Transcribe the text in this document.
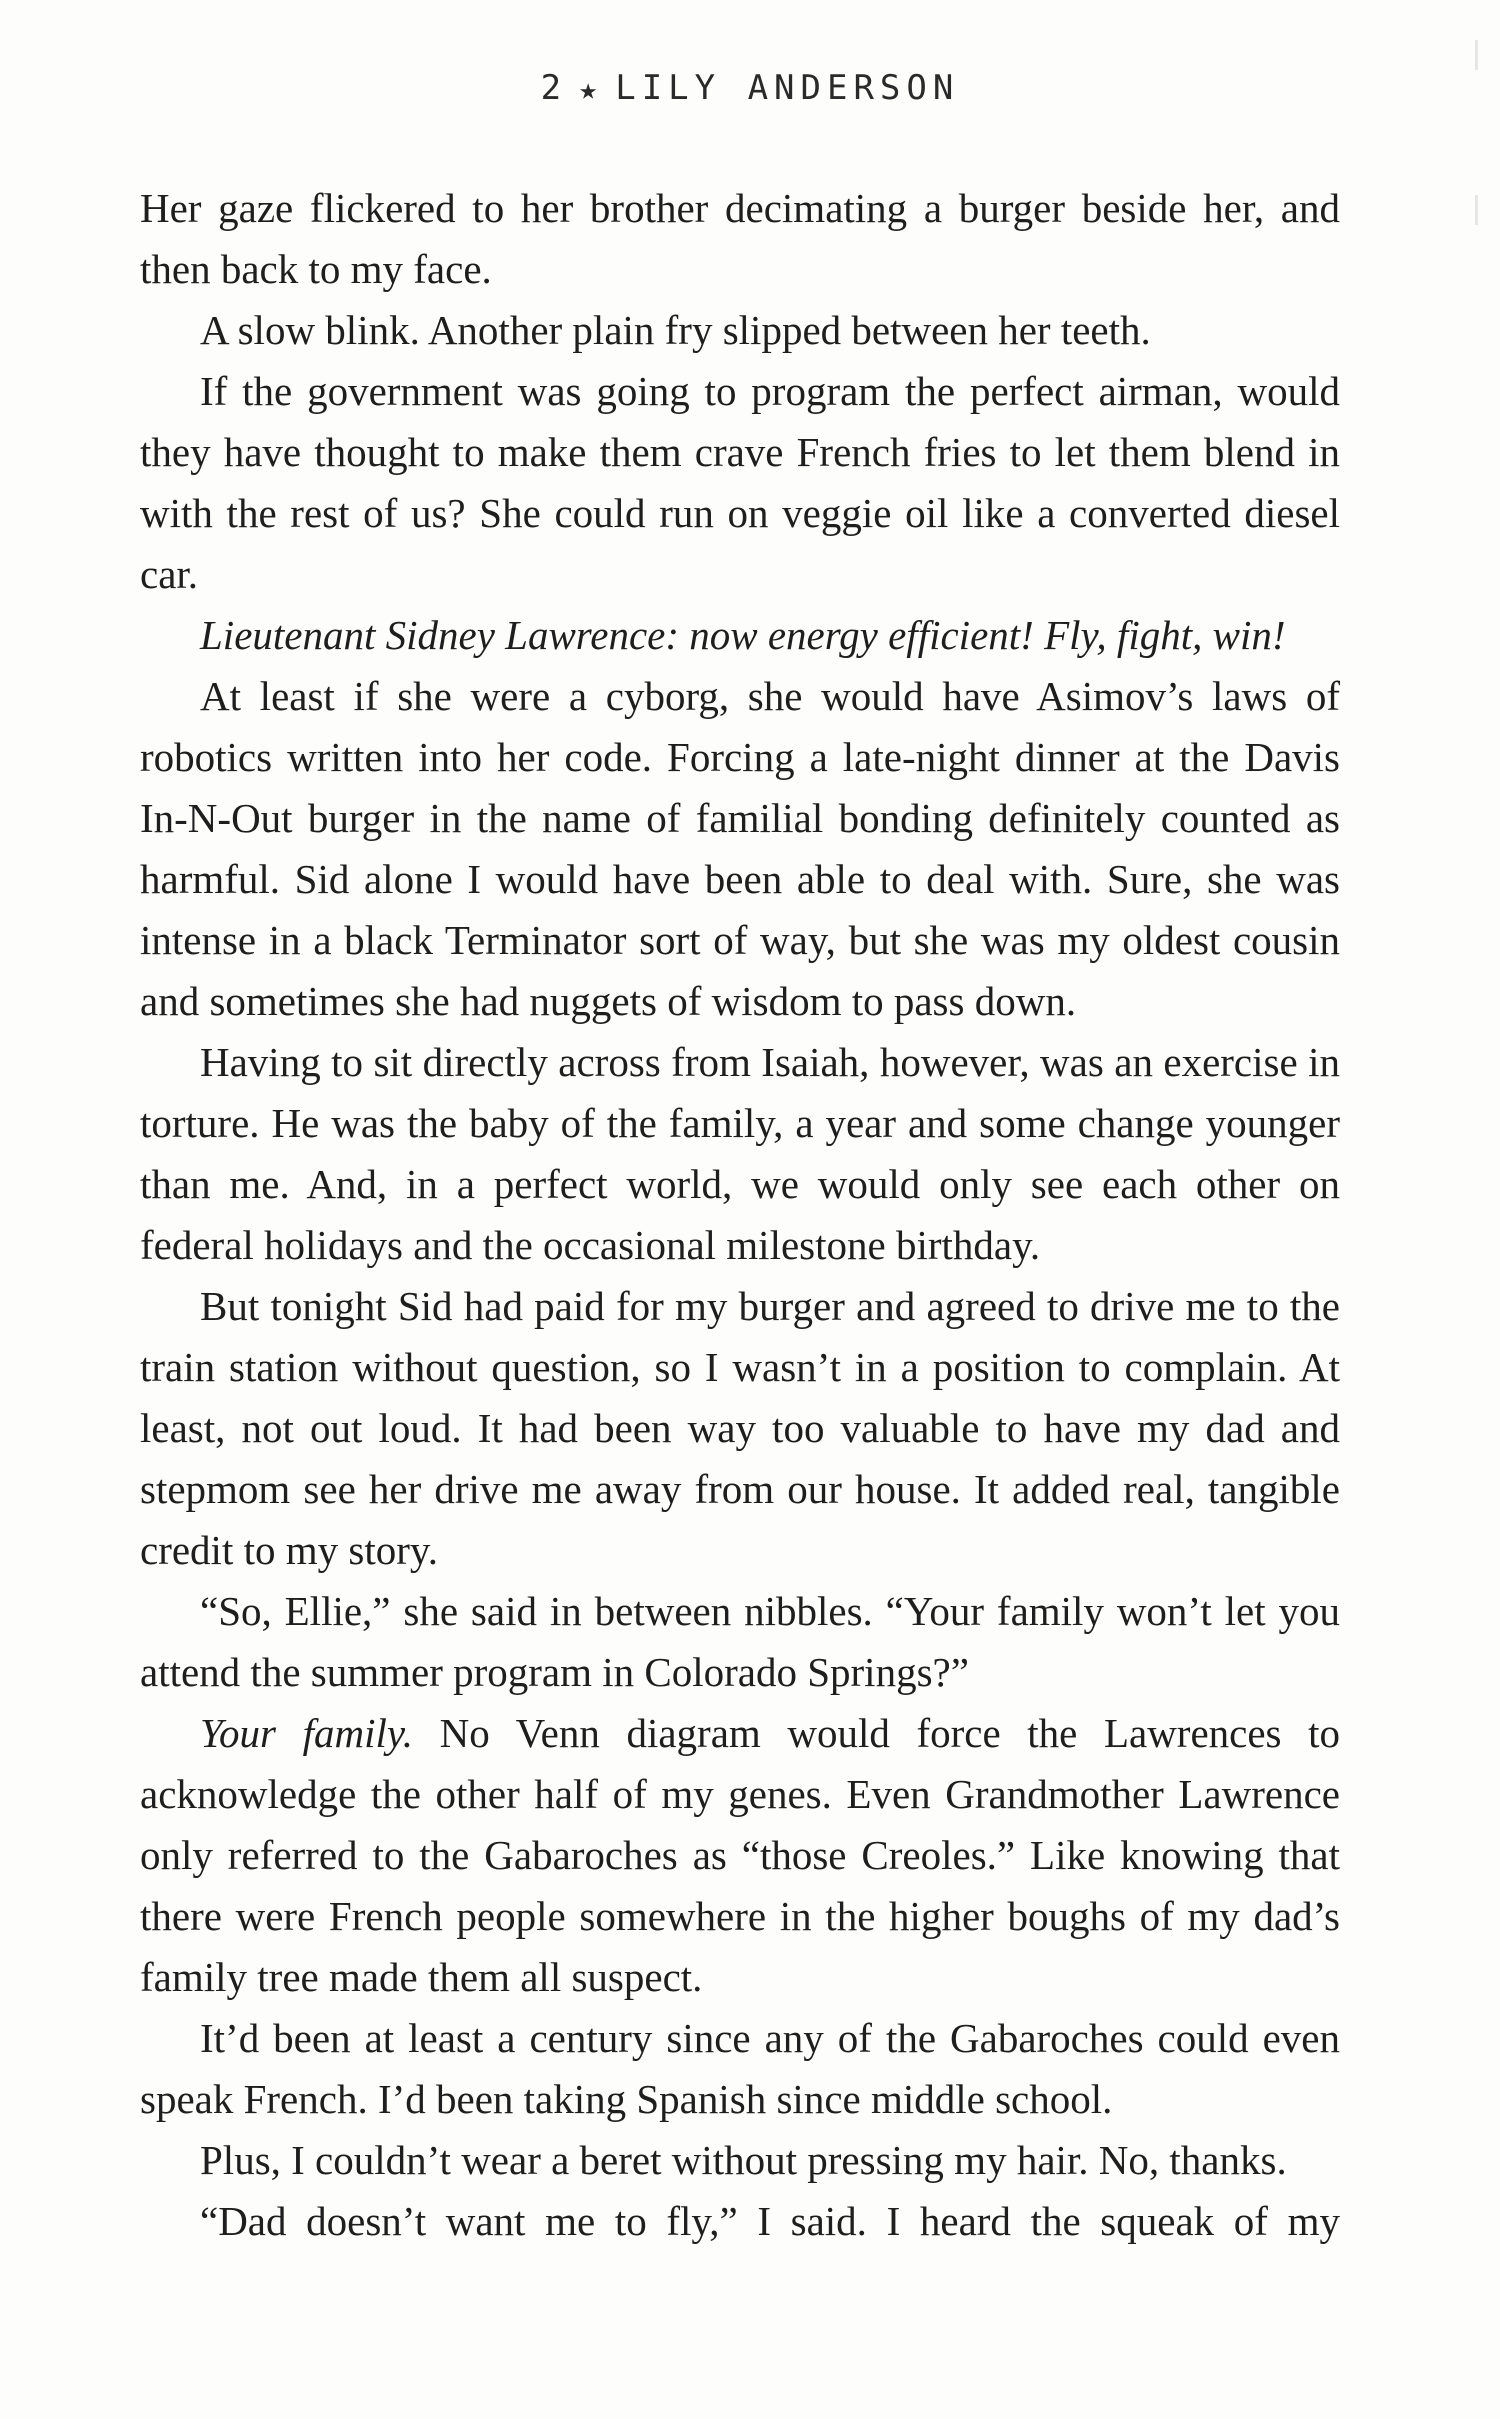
2 ★ LILY ANDERSON

Her gaze flickered to her brother decimating a burger beside her, and then back to my face.

A slow blink. Another plain fry slipped between her teeth.

If the government was going to program the perfect airman, would they have thought to make them crave French fries to let them blend in with the rest of us? She could run on veggie oil like a converted diesel car.

Lieutenant Sidney Lawrence: now energy efficient! Fly, fight, win!

At least if she were a cyborg, she would have Asimov’s laws of robotics written into her code. Forcing a late-night dinner at the Davis In-N-Out burger in the name of familial bonding definitely counted as harmful. Sid alone I would have been able to deal with. Sure, she was intense in a black Terminator sort of way, but she was my oldest cousin and sometimes she had nuggets of wisdom to pass down.

Having to sit directly across from Isaiah, however, was an exercise in torture. He was the baby of the family, a year and some change younger than me. And, in a perfect world, we would only see each other on federal holidays and the occasional milestone birthday.

But tonight Sid had paid for my burger and agreed to drive me to the train station without question, so I wasn’t in a position to complain. At least, not out loud. It had been way too valuable to have my dad and stepmom see her drive me away from our house. It added real, tangible credit to my story.

“So, Ellie,” she said in between nibbles. “Your family won’t let you attend the summer program in Colorado Springs?”

Your family. No Venn diagram would force the Lawrences to acknowledge the other half of my genes. Even Grandmother Lawrence only referred to the Gabaroches as “those Creoles.” Like knowing that there were French people somewhere in the higher boughs of my dad’s family tree made them all suspect.

It’d been at least a century since any of the Gabaroches could even speak French. I’d been taking Spanish since middle school.

Plus, I couldn’t wear a beret without pressing my hair. No, thanks.

“Dad doesn’t want me to fly,” I said. I heard the squeak of my
